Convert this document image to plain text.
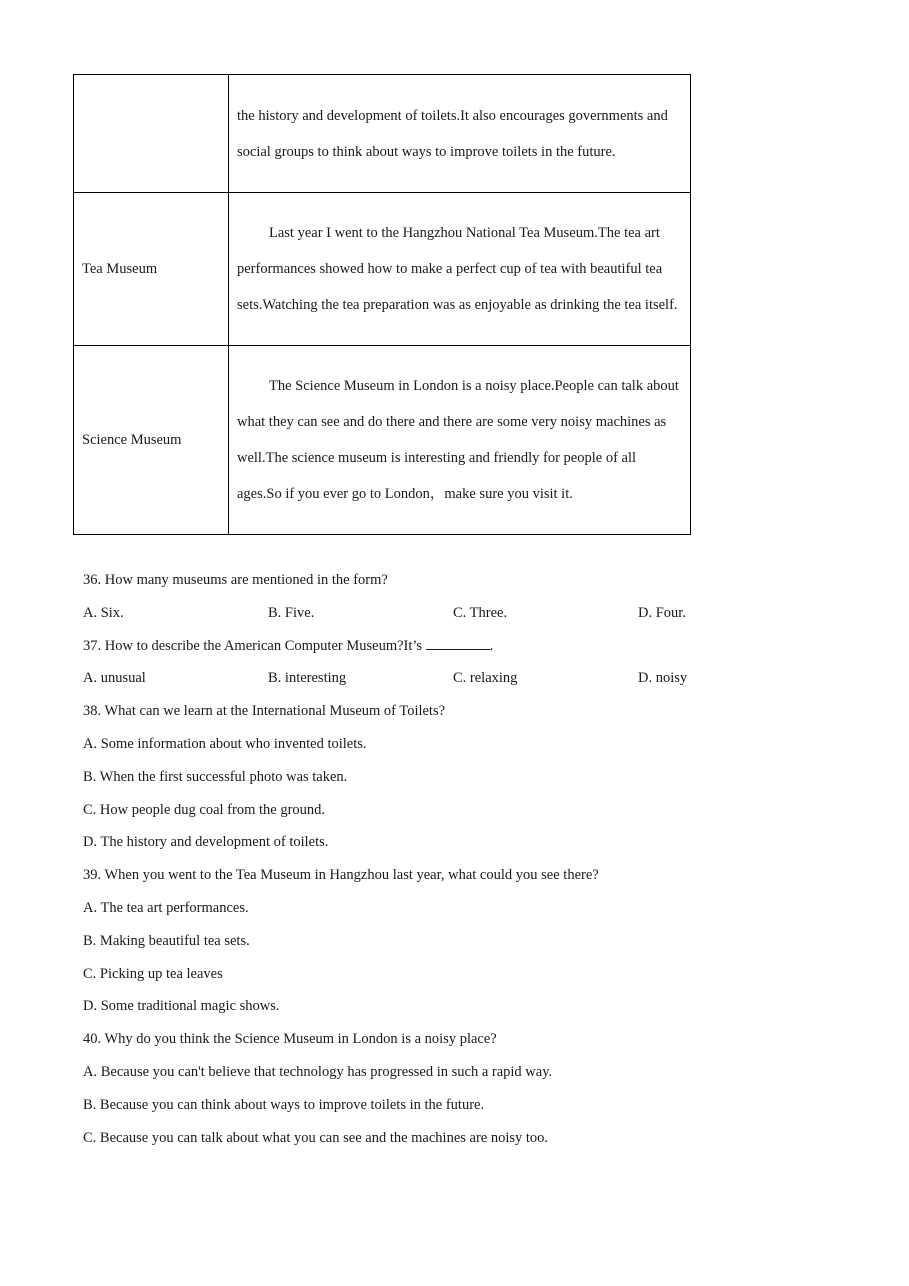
	the history and development of toilets.It also encourages governments and social groups to think about ways to improve toilets in the future.

Tea Museum	Last year I went to the Hangzhou National Tea Museum.The tea art performances showed how to make a perfect cup of tea with beautiful tea sets.Watching the tea preparation was as enjoyable as drinking the tea itself.

Science Museum	The Science Museum in London is a noisy place.People can talk about what they can see and do there and there are some very noisy machines as well.The science museum is interesting and friendly for people of all ages.So if you ever go to London，make sure you visit it.

36. How many museums are mentioned in the form?
A. Six.	B. Five.	C. Three.	D. Four.
37. How to describe the American Computer Museum?It’s	.
A. unusual	B. interesting	C. relaxing	D. noisy
38. What can we learn at the International Museum of Toilets?
A. Some information about who invented toilets.
B. When the first successful photo was taken.
C. How people dug coal from the ground.
D. The history and development of toilets.
39. When you went to the Tea Museum in Hangzhou last year, what could you see there?
A. The tea art performances.
B. Making beautiful tea sets.
C. Picking up tea leaves
D. Some traditional magic shows.
40. Why do you think the Science Museum in London is a noisy place?
A. Because you can't believe that technology has progressed in such a rapid way.
B. Because you can think about ways to improve toilets in the future.
C. Because you can talk about what you can see and the machines are noisy too.
